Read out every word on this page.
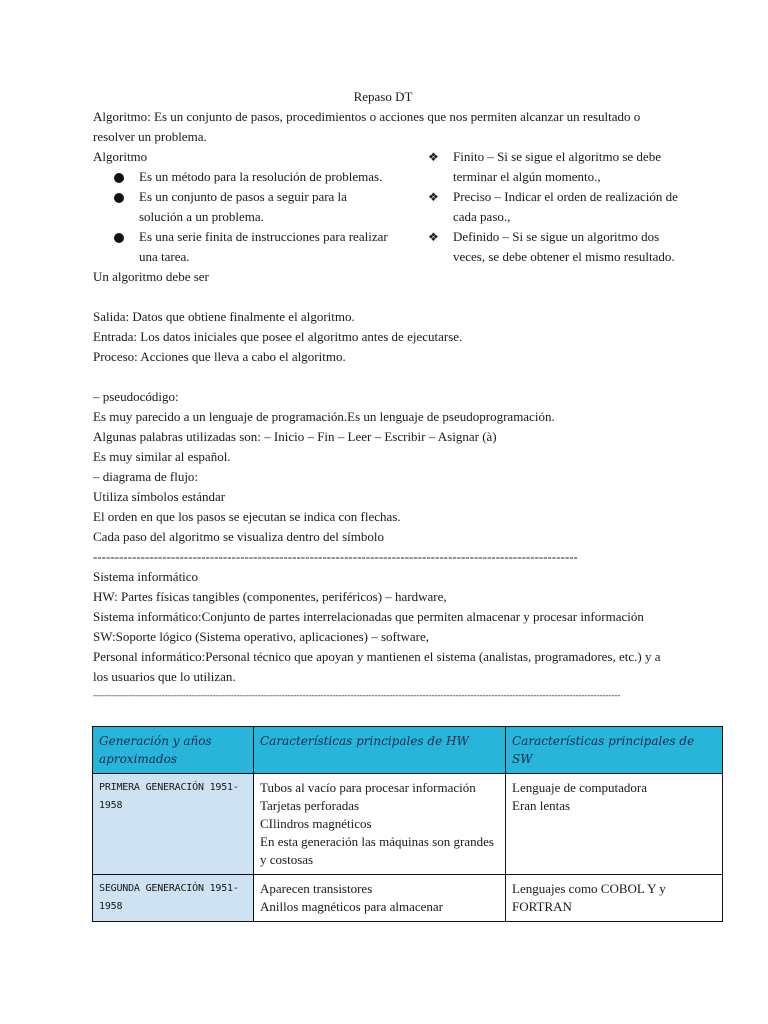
Repaso DT

Algoritmo: Es un conjunto de pasos, procedimientos o acciones que nos permiten alcanzar un resultado o resolver un problema.

Algoritmo

Es un método para la resolución de problemas.
Es un conjunto de pasos a seguir para la solución a un problema.
Es una serie finita de instrucciones para realizar una tarea.

Un algoritmo debe ser

❖ Finito – Si se sigue el algoritmo se debe terminar el algún momento.,
❖ Preciso – Indicar el orden de realización de cada paso.,
❖ Definido – Si se sigue un algoritmo dos veces, se debe obtener el mismo resultado.

Salida: Datos que obtiene finalmente el algoritmo.

Entrada: Los datos iniciales que posee el algoritmo antes de ejecutarse.

Proceso: Acciones que lleva a cabo el algoritmo.

– pseudocódigo:

Es muy parecido a un lenguaje de programación.Es un lenguaje de pseudoprogramación.

Algunas palabras utilizadas son: – Inicio – Fin – Leer – Escribir – Asignar (à)

Es muy similar al español.

– diagrama de flujo:

Utiliza símbolos estándar

El orden en que los pasos se ejecutan se indica con flechas.

Cada paso del algoritmo se visualiza dentro del símbolo

----------------------------------------------------------------------------------------------------------------

Sistema informático

HW: Partes físicas tangibles (componentes, periféricos) – hardware,

Sistema informático:Conjunto de partes interrelacionadas que permiten almacenar y procesar información

SW:Soporte lógico (Sistema operativo, aplicaciones) – software,

Personal informático:Personal técnico que apoyan y mantienen el sistema (analistas, programadores, etc.) y a los usuarios que lo utilizan.

--------------------------------------------------------------------------------------------------------------------------------------------------------------------------------

Generación y años aproximados	Características principales de HW	Características principales de SW
PRIMERA GENERACIÓN 1951-1958	Tubos al vacío para procesar información
Tarjetas perforadas
CIlindros magnéticos
En esta generación las máquinas son grandes y costosas	Lenguaje de computadora
Eran lentas

SEGUNDA GENERACIÓN 1951-1958	Aparecen transistores
Anillos magnéticos para almacenar	Lenguajes como COBOL Y y FORTRAN
